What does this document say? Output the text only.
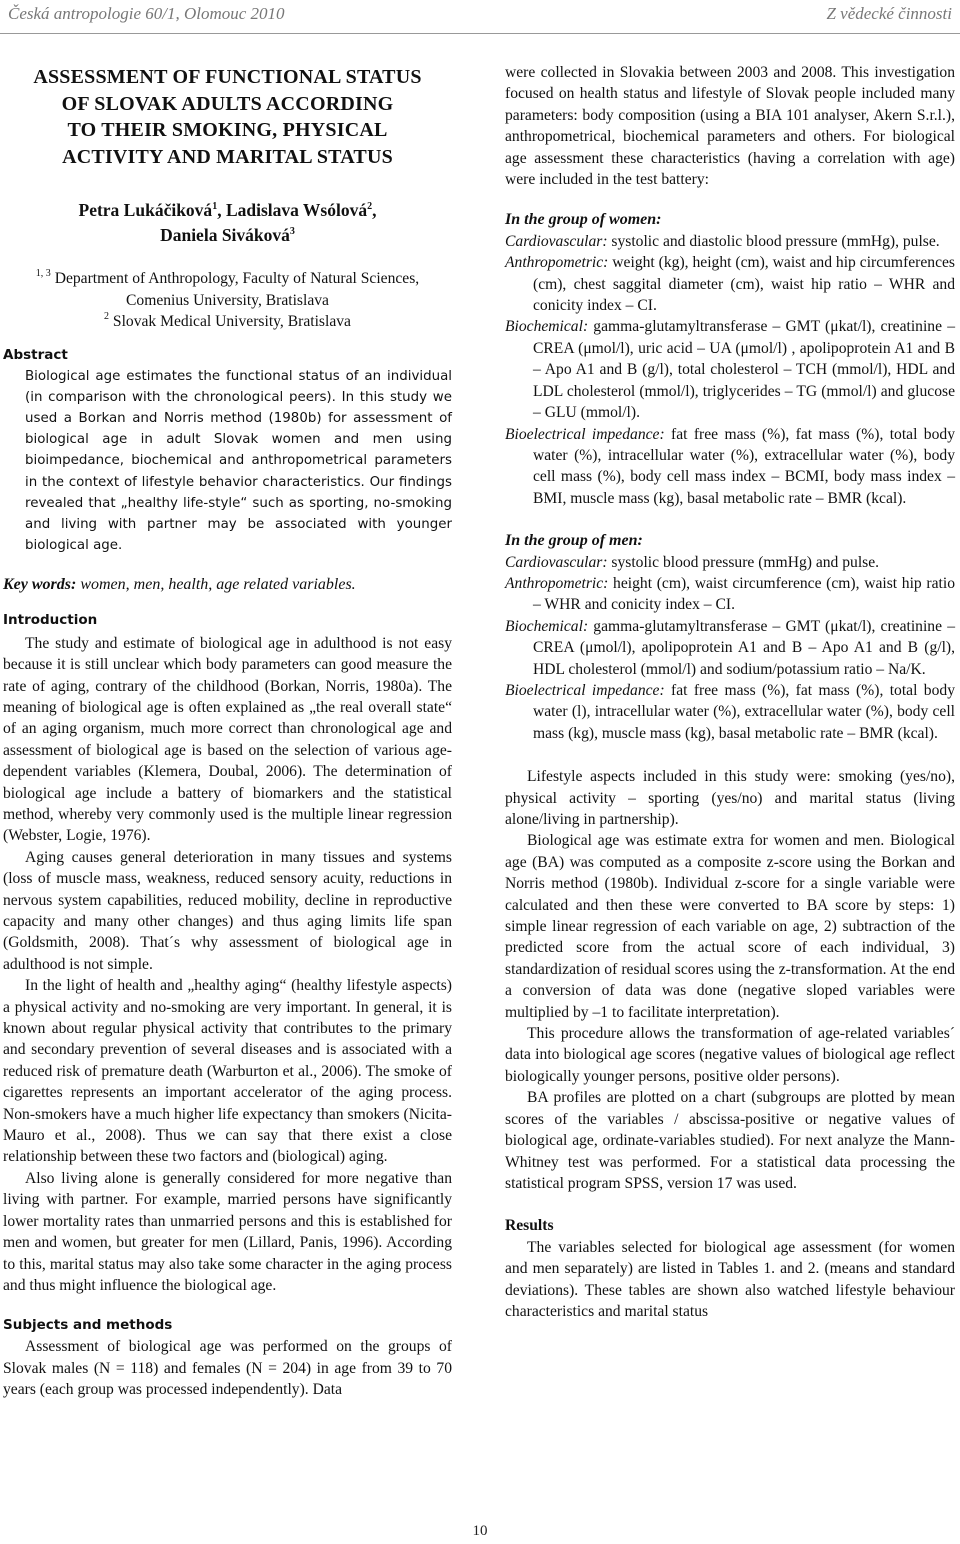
Česká antropologie 60/1, Olomouc 2010	Z vědecké činnosti
ASSESSMENT OF FUNCTIONAL STATUS
OF SLOVAK ADULTS ACCORDING
TO THEIR SMOKING, PHYSICAL
ACTIVITY AND MARITAL STATUS
Petra Lukáčiková$^1$, Ladislava Wsólová$^2$,
Daniela Siváková$^3$
$^{1, 3}$ Department of Anthropology, Faculty of Natural Sciences,
Comenius University, Bratislava
$^2$ Slovak Medical University, Bratislava
Abstract
Biological age estimates the functional status of an individual (in comparison with the chronological peers). In this study we used a Borkan and Norris method (1980b) for assessment of biological age in adult Slovak women and men using bioimpedance, biochemical and anthropometrical parameters in the context of lifestyle behavior characteristics. Our findings revealed that „healthy life-style“ such as sporting, no-smoking and living with partner may be associated with younger biological age.
Key words: women, men, health, age related variables.
Introduction

The study and estimate of biological age in adulthood is not easy because it is still unclear which body parameters can good measure the rate of aging, contrary of the childhood (Borkan, Norris, 1980a). The meaning of biological age is often explained as „the real overall state“ of an aging organism, much more correct than chronological age and assessment of biological age is based on the selection of various age-dependent variables (Klemera, Doubal, 2006). The determination of biological age include a battery of biomarkers and the statistical method, whereby very commonly used is the multiple linear regression (Webster, Logie, 1976).

Aging causes general deterioration in many tissues and systems (loss of muscle mass, weakness, reduced sensory acuity, reductions in nervous system capabilities, reduced mobility, decline in reproductive capacity and many other changes) and thus aging limits life span (Goldsmith, 2008). That´s why assessment of biological age in adulthood is not simple.

In the light of health and „healthy aging“ (healthy lifestyle aspects) a physical activity and no-smoking are very important. In general, it is known about regular physical activity that contributes to the primary and secondary prevention of several diseases and is associated with a reduced risk of premature death (Warburton et al., 2006). The smoke of cigarettes represents an important accelerator of the aging process. Non-smokers have a much higher life expectancy than smokers (Nicita-Mauro et al., 2008). Thus we can say that there exist a close relationship between these two factors and (biological) aging.

Also living alone is generally considered for more negative than living with partner. For example, married persons have significantly lower mortality rates than unmarried persons and this is established for men and women, but greater for men (Lillard, Panis, 1996). According to this, marital status may also take some character in the aging process and thus might influence the biological age.

Subjects and methods

Assessment of biological age was performed on the groups of Slovak males (N = 118) and females (N = 204) in age from 39 to 70 years (each group was processed independently). Data

were collected in Slovakia between 2003 and 2008. This investigation focused on health status and lifestyle of Slovak people included many parameters: body composition (using a BIA 101 analyser, Akern S.r.l.), anthropometrical, biochemical parameters and others. For biological age assessment these characteristics (having a correlation with age) were included in the test battery:

In the group of women:
Cardiovascular: systolic and diastolic blood pressure (mmHg), pulse.
Anthropometric: weight (kg), height (cm), waist and hip circumferences (cm), chest saggital diameter (cm), waist hip ratio – WHR and conicity index – CI.
Biochemical: gamma-glutamyltransferase – GMT (μkat/l), creatinine – CREA (μmol/l), uric acid – UA (μmol/l) , apolipoprotein A1 and B – Apo A1 and B (g/l), total cholesterol – TCH (mmol/l), HDL and LDL cholesterol (mmol/l), triglycerides – TG (mmol/l) and glucose – GLU (mmol/l).
Bioelectrical impedance: fat free mass (%), fat mass (%), total body water (%), intracellular water (%), extracellular water (%), body cell mass (%), body cell mass index – BCMI, body mass index – BMI, muscle mass (kg), basal metabolic rate – BMR (kcal).
In the group of men:
Cardiovascular: systolic blood pressure (mmHg) and pulse.
Anthropometric: height (cm), waist circumference (cm), waist hip ratio – WHR and conicity index – CI.
Biochemical: gamma-glutamyltransferase – GMT (μkat/l), creatinine – CREA (μmol/l), apolipoprotein A1 and B – Apo A1 and B (g/l), HDL cholesterol (mmol/l) and sodium/potassium ratio – Na/K.
Bioelectrical impedance: fat free mass (%), fat mass (%), total body water (l), intracellular water (%), extracellular water (%), body cell mass (kg), muscle mass (kg), basal metabolic rate – BMR (kcal).

Lifestyle aspects included in this study were: smoking (yes/no), physical activity – sporting (yes/no) and marital status (living alone/living in partnership).

Biological age was estimate extra for women and men. Biological age (BA) was computed as a composite z-score using the Borkan and Norris method (1980b). Individual z-score for a single variable were calculated and then these were converted to BA score by steps: 1) simple linear regression of each variable on age, 2) subtraction of the predicted score from the actual score of each individual, 3) standardization of residual scores using the z-transformation. At the end a conversion of data was done (negative sloped variables were multiplied by –1 to facilitate interpretation).

This procedure allows the transformation of age-related variables´ data into biological age scores (negative values of biological age reflect biologically younger persons, positive older persons).

BA profiles are plotted on a chart (subgroups are plotted by mean scores of the variables / abscissa-positive or negative values of biological age, ordinate-variables studied). For next analyze the Mann-Whitney test was performed. For a statistical data processing the statistical program SPSS, version 17 was used.

Results

The variables selected for biological age assessment (for women and men separately) are listed in Tables 1. and 2. (means and standard deviations). These tables are shown also watched lifestyle behaviour characteristics and marital status

10
